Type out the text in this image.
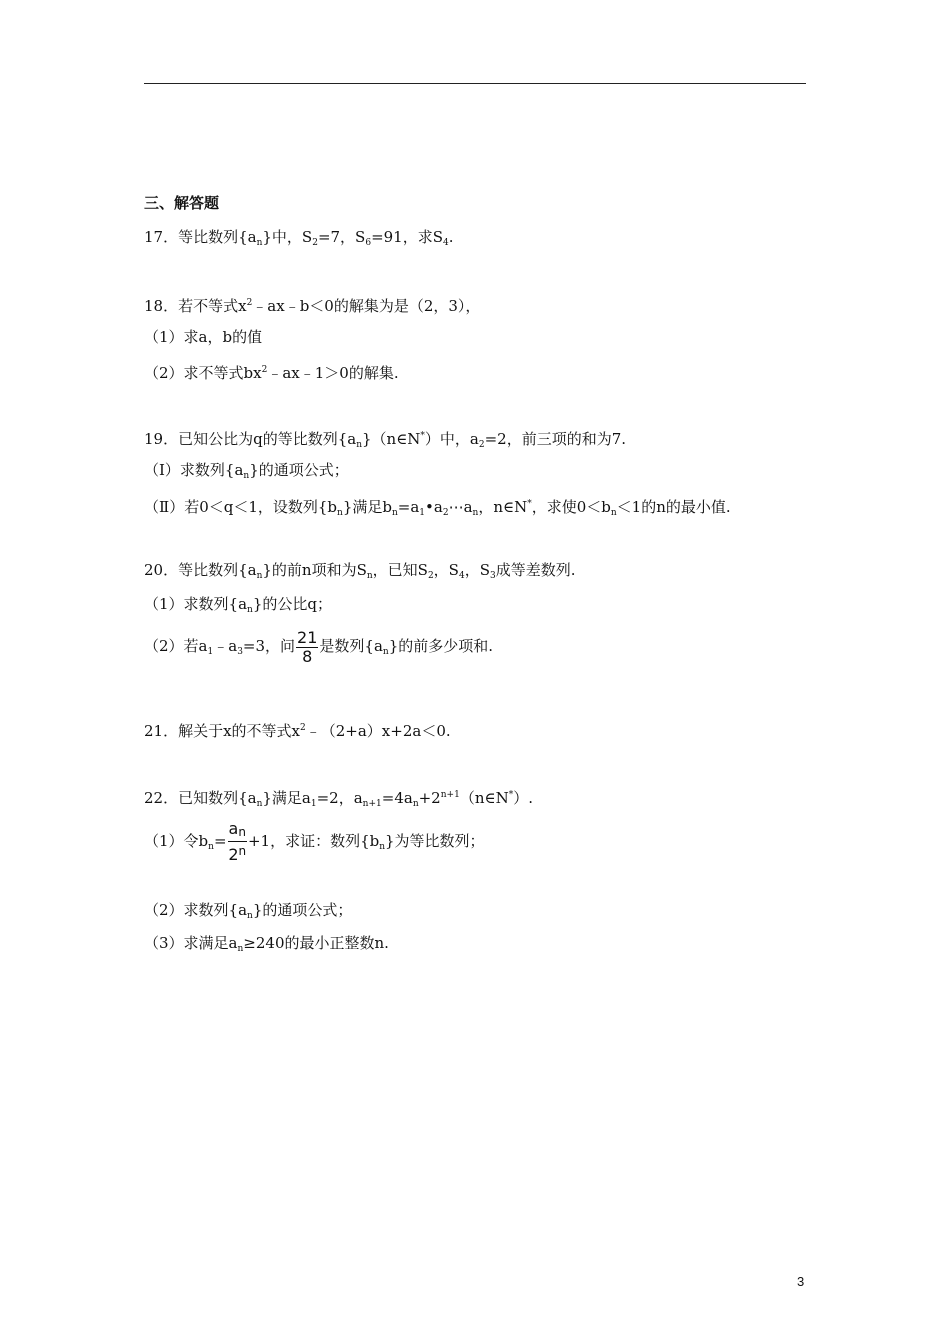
三、解答题
17．等比数列$\{a_n\}$中，$S_2=7$，$S_6=91$，求$S_4$.
18．若不等式$x^2﹣ax﹣b<0$的解集为是（2，3），
（1）求a，b的值
（2）求不等式$bx^2﹣ax﹣1>0$的解集.
19．已知公比为q的等比数列$\{a_n\}(n\in N^*)$中，$a_2=2$，前三项的和为7.
（Ⅰ）求数列$\{a_n\}$的通项公式；
（Ⅱ）若0＜q＜1，设数列$\{b_n\}$满足$b_n=a_1•a_2\cdots a_n$，n∈N*，求使$0<b_n<1$的n的最小值.
20．等比数列$\{a_n\}$的前n项和为$S_n$，已知$S_2$，$S_4$，$S_3$成等差数列.
（1）求数列$\{a_n\}$的公比q；
（2）若$a_1﹣a_3=3$，问 $\frac{21}{8}$ 是数列$\{a_n\}$的前多少项和.
21．解关于x的不等式$x^2﹣(2+a)x+2a<0$.
22．已知数列$\{a_n\}$满足$a_1=2$，$a_{n+1}=4a_n+2^{n+1}(n\in N^*)$.
（1）令$b_n= \frac{an}{2^n} +1$，求证：数列$\{b_n\}$为等比数列；
（2）求数列$\{a_n\}$的通项公式；
（3）求满足$a_n\ge 240$的最小正整数n.
3
